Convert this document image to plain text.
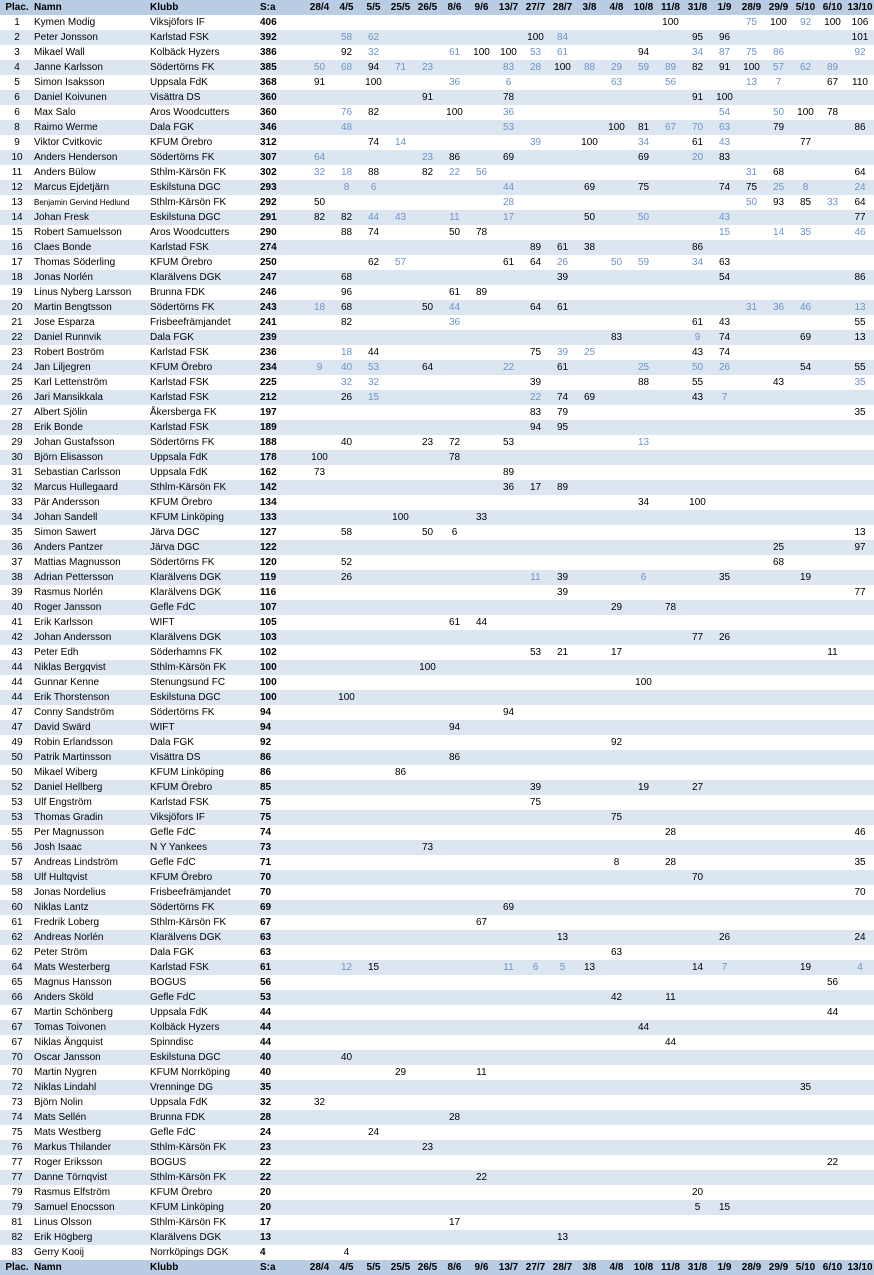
Plac.	Namn	Klubb	S:a	28/4	4/5	5/5	25/5	26/5	8/6	9/6	13/7	27/7	28/7	3/8	4/8	10/8	11/8	31/8	1/9	28/9	29/9	5/10	6/10	13/10
1	Kymen Modig	Viksjöfors IF	406														100			75	100	92	100	106
2	Peter Jonsson	Karlstad FSK	392		58	62						100	84					95	96					101
3	Mikael Wall	Kolbäck Hyzers	386		92	32			61	100	100	53	61			94		34	87	75	86			92
4	Janne Karlsson	Södertörns FK	385	50	68	94	71	23			83	28	100	88	29	59	89	82	91	100	57	62	89	
5	Simon Isaksson	Uppsala FdK	368	91		100			36		6				63		56			13	7		67	110
6	Daniel Koivunen	Visättra DS	360					91			78							91	100					
6	Max Salo	Aros Woodcutters	360		76	82			100		36								54		50	100	78	
8	Raimo Werme	Dala FGK	346		48						53				100	81	67	70	63		79			86
9	Viktor Cvitkovic	KFUM Örebro	312			74	14					39		100		34		61	43			77		
10	Anders Henderson	Södertörns FK	307	64				23	86		69					69		20	83					
11	Anders Bülow	Sthlm-Kärsön FK	302	32	18	88		82	22	56										31	68			64
12	Marcus Ejdetjärn	Eskilstuna DGC	293		8	6					44			69		75			74	75	25	8		24
13	Benjamin Gervind Hedlund	Sthlm-Kärsön FK	292	50							28									50	93	85	33	64
14	Johan Fresk	Eskilstuna DGC	291	82	82	44	43		11		17			50		50			43					77
15	Robert Samuelsson	Aros Woodcutters	290		88	74			50	78									15		14	35		46
16	Claes Bonde	Karlstad FSK	274									89	61	38				86						
17	Thomas Söderling	KFUM Örebro	250			62	57				61	64	26		50	59		34	63					
18	Jonas Norlén	Klarälvens DGK	247		68								39						54					86
19	Linus Nyberg Larsson	Brunna FDK	246		96				61	89														
20	Martin Bengtsson	Södertörns FK	243	18	68			50	44			64	61							31	36	46		13
21	Jose Esparza	Frisbeefrämjandet	241		82				36									61	43					55
22	Daniel Runnvik	Dala FGK	239												83			9	74			69		13
23	Robert Boström	Karlstad FSK	236		18	44						75	39	25				43	74					
24	Jan Liljegren	KFUM Örebro	234	9	40	53		64			22		61			25		50	26			54		55
25	Karl Lettenström	Karlstad FSK	225		32	32						39				88		55			43			35
26	Jari Mansikkala	Karlstad FSK	212		26	15						22	74	69				43	7					
27	Albert Sjölin	Åkersberga FK	197									83	79											35
28	Erik Bonde	Karlstad FSK	189									94	95											
29	Johan Gustafsson	Södertörns FK	188		40			23	72		53					13								
30	Björn Elisasson	Uppsala FdK	178	100					78															
31	Sebastian Carlsson	Uppsala FdK	162	73							89													
32	Marcus Hullegaard	Sthlm-Kärsön FK	142								36	17	89											
33	Pär Andersson	KFUM Örebro	134													34		100						
34	Johan Sandell	KFUM Linköping	133				100			33														
35	Simon Sawert	Järva DGC	127		58			50	6															13
36	Anders Pantzer	Järva DGC	122																		25			97
37	Mattias Magnusson	Södertörns FK	120		52																68			
38	Adrian Pettersson	Klarälvens DGK	119		26							11	39			6			35			19		
39	Rasmus Norlén	Klarälvens DGK	116										39											77
40	Roger Jansson	Gefle FdC	107												29		78							
41	Erik Karlsson	WIFT	105						61	44														
42	Johan Andersson	Klarälvens DGK	103															77	26					
43	Peter Edh	Söderhamns FK	102									53	21		17								11	
44	Niklas Bergqvist	Sthlm-Kärsön FK	100					100																
44	Gunnar Kenne	Stenungsund FC	100													100								
44	Erik Thorstenson	Eskilstuna DGC	100		100																			
47	Conny Sandström	Södertörns FK	94								94													
47	David Swärd	WIFT	94						94															
49	Robin Erlandsson	Dala FGK	92												92									
50	Patrik Martinsson	Visättra DS	86						86															
50	Mikael Wiberg	KFUM Linköping	86				86																	
52	Daniel Hellberg	KFUM Örebro	85									39				19		27						
53	Ulf Engström	Karlstad FSK	75									75												
53	Thomas Gradin	Viksjöfors IF	75												75									
55	Per Magnusson	Gefle FdC	74														28							46
56	Josh Isaac	N Y Yankees	73					73																
57	Andreas Lindström	Gefle FdC	71												8		28							35
58	Ulf Hultqvist	KFUM Örebro	70															70						
58	Jonas Nordelius	Frisbeefrämjandet	70																					70
60	Niklas Lantz	Södertörns FK	69								69													
61	Fredrik Loberg	Sthlm-Kärsön FK	67							67														
62	Andreas Norlén	Klarälvens DGK	63										13						26					24
62	Peter Ström	Dala FGK	63												63									
64	Mats Westerberg	Karlstad FSK	61		12	15					11	6	5	13				14	7			19		4
65	Magnus Hansson	BOGUS	56																				56	
66	Anders Sköld	Gefle FdC	53												42		11							
67	Martin Schönberg	Uppsala FdK	44																				44	
67	Tomas Toivonen	Kolbäck Hyzers	44													44								
67	Niklas Ängquist	Spinndisc	44														44							
70	Oscar Jansson	Eskilstuna DGC	40		40																			
70	Martin Nygren	KFUM Norrköping	40				29			11														
72	Niklas Lindahl	Vrenninge DG	35																			35		
73	Björn Nolin	Uppsala FdK	32	32																				
74	Mats Sellén	Brunna FDK	28						28															
75	Mats Westberg	Gefle FdC	24			24																		
76	Markus Thilander	Sthlm-Kärsön FK	23					23																
77	Roger Eriksson	BOGUS	22																				22	
77	Danne Törnqvist	Sthlm-Kärsön FK	22							22														
79	Rasmus Elfström	KFUM Örebro	20															20						
79	Samuel Enocsson	KFUM Linköping	20															5	15					
81	Linus Olsson	Sthlm-Kärsön FK	17						17															
82	Erik Högberg	Klarälvens DGK	13										13											
83	Gerry Kooij	Norrköpings DGK	4		4																			
Plac.	Namn	Klubb	S:a	28/4	4/5	5/5	25/5	26/5	8/6	9/6	13/7	27/7	28/7	3/8	4/8	10/8	11/8	31/8	1/9	28/9	29/9	5/10	6/10	13/10
